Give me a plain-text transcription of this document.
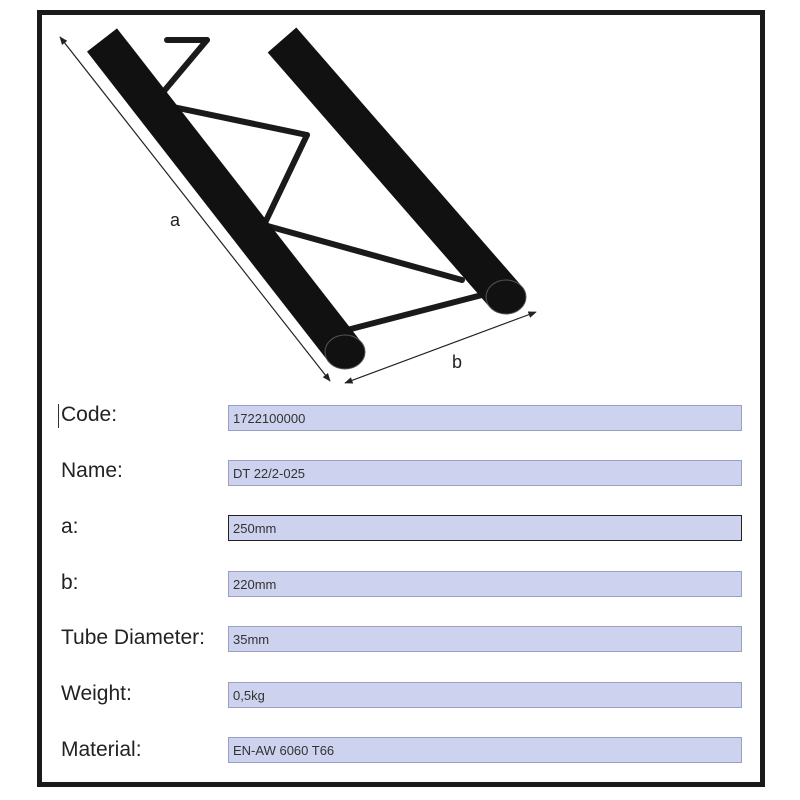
a
b
Code:
1722100000
Name:
DT 22/2-025
a:
250mm
b:
220mm
Tube Diameter:
35mm
Weight:
0,5kg
Material:
EN-AW 6060 T66
